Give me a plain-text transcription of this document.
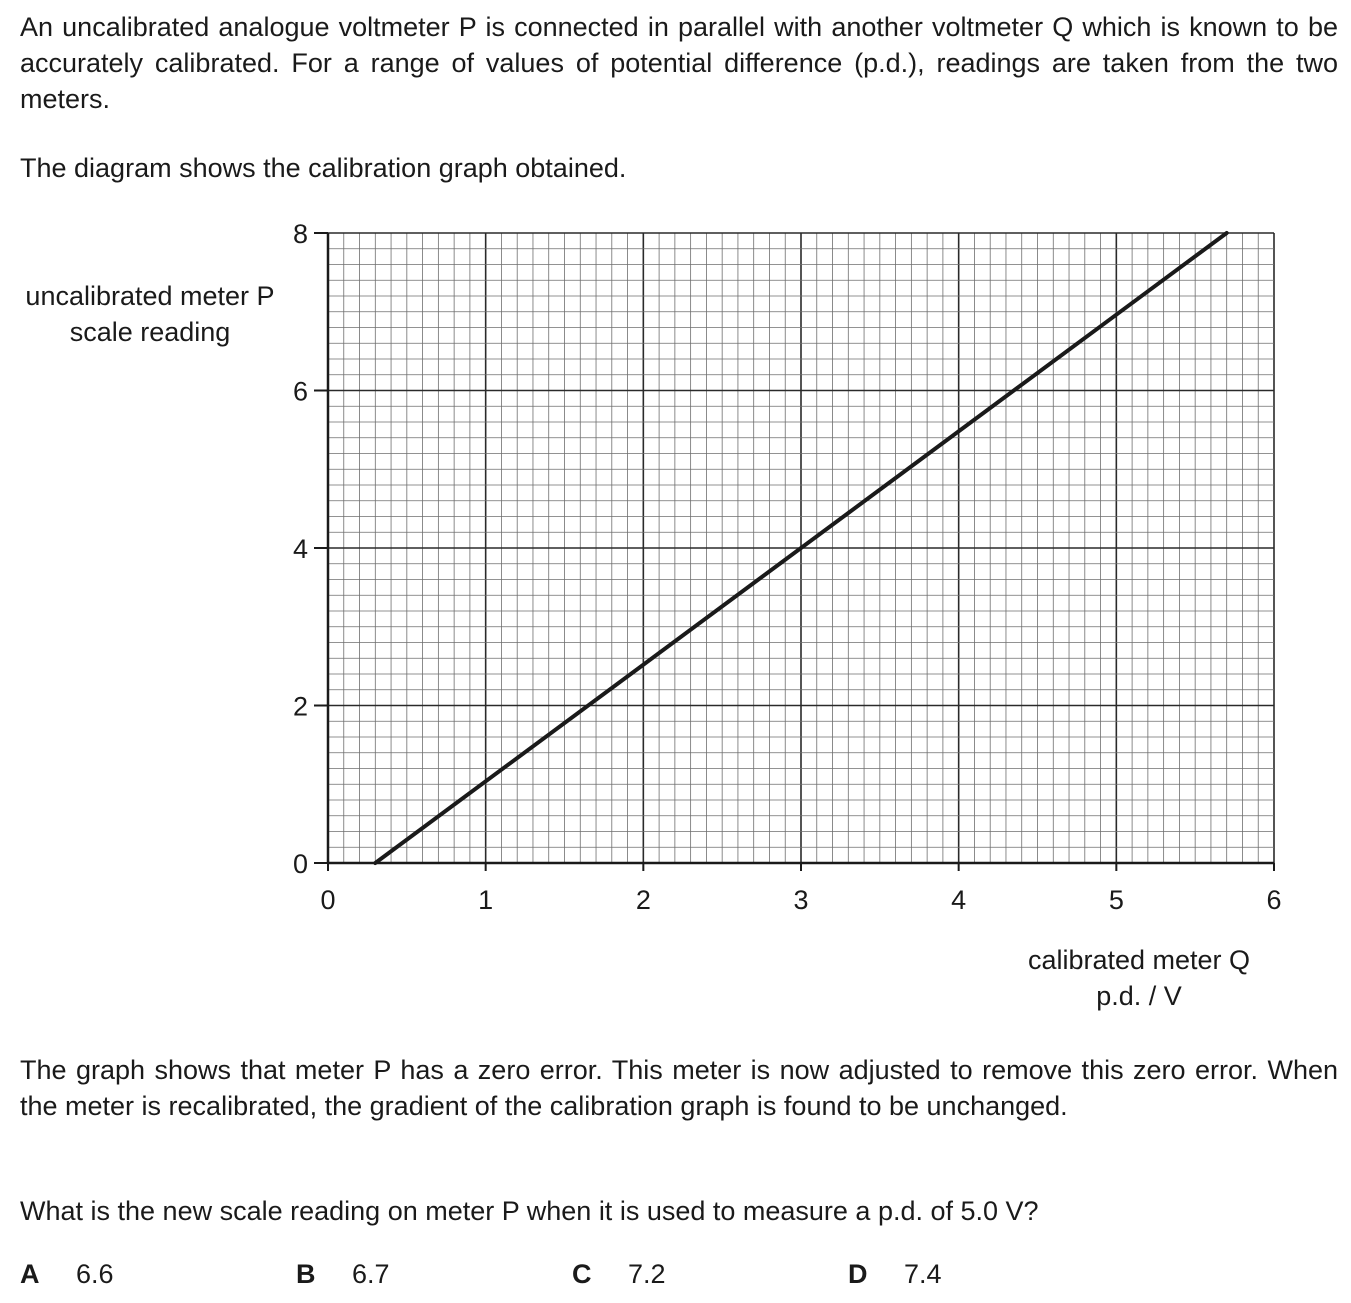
An uncalibrated analogue voltmeter P is connected in parallel with another voltmeter Q which is known to be accurately calibrated. For a range of values of potential difference (p.d.), readings are taken from the two meters.

The diagram shows the calibration graph obtained.

uncalibrated meter P
scale reading
0	1	2	3	4	5	6
0
2
4
6
8
calibrated meter Q
p.d. / V

The graph shows that meter P has a zero error. This meter is now adjusted to remove this zero error. When the meter is recalibrated, the gradient of the calibration graph is found to be unchanged.

What is the new scale reading on meter P when it is used to measure a p.d. of 5.0 V?

A 6.6	B 6.7	C 7.2	D 7.4
